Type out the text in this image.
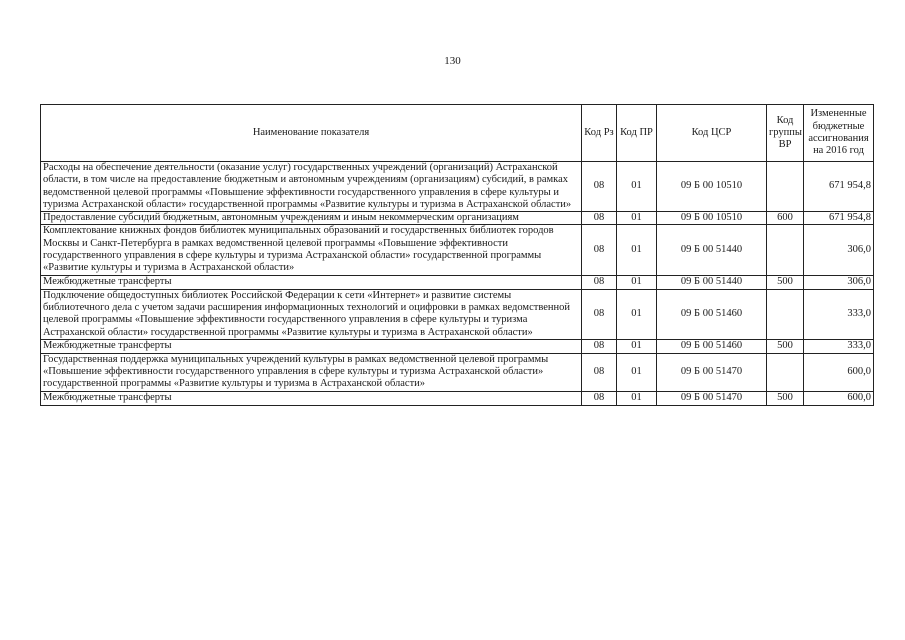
130
Наименование показателя	Код Рз	Код ПР	Код ЦСР	Код группы ВР	Измененные бюджетные ассигнования на 2016 год
Расходы на обеспечение деятельности (оказание услуг) государственных учреждений (организаций) Астраханской области, в том числе на предоставление бюджетным и автономным учреждениям (организациям) субсидий, в рамках ведомственной целевой программы «Повышение эффективности государственного управления в сфере культуры и туризма Астраханской области» государственной программы «Развитие культуры и туризма в Астраханской области»	08	01	09 Б 00 10510		671 954,8
Предоставление субсидий бюджетным, автономным учреждениям и иным некоммерческим организациям	08	01	09 Б 00 10510	600	671 954,8
Комплектование книжных фондов библиотек муниципальных образований и государственных библиотек городов Москвы и Санкт-Петербурга в рамках ведомственной целевой программы «Повышение эффективности государственного управления в сфере культуры и туризма Астраханской области» государственной программы «Развитие культуры и туризма в Астраханской области»	08	01	09 Б 00 51440		306,0
Межбюджетные трансферты	08	01	09 Б 00 51440	500	306,0
Подключение общедоступных библиотек Российской Федерации к сети «Интернет» и развитие системы библиотечного дела с учетом задачи расширения информационных технологий и оцифровки в рамках ведомственной целевой программы «Повышение эффективности государственного управления в сфере культуры и туризма Астраханской области» государственной программы «Развитие культуры и туризма в Астраханской области»	08	01	09 Б 00 51460		333,0
Межбюджетные трансферты	08	01	09 Б 00 51460	500	333,0
Государственная поддержка муниципальных учреждений культуры в рамках ведомственной целевой программы «Повышение эффективности государственного управления в сфере культуры и туризма Астраханской области» государственной программы «Развитие культуры и туризма в Астраханской области»	08	01	09 Б 00 51470		600,0
Межбюджетные трансферты	08	01	09 Б 00 51470	500	600,0
